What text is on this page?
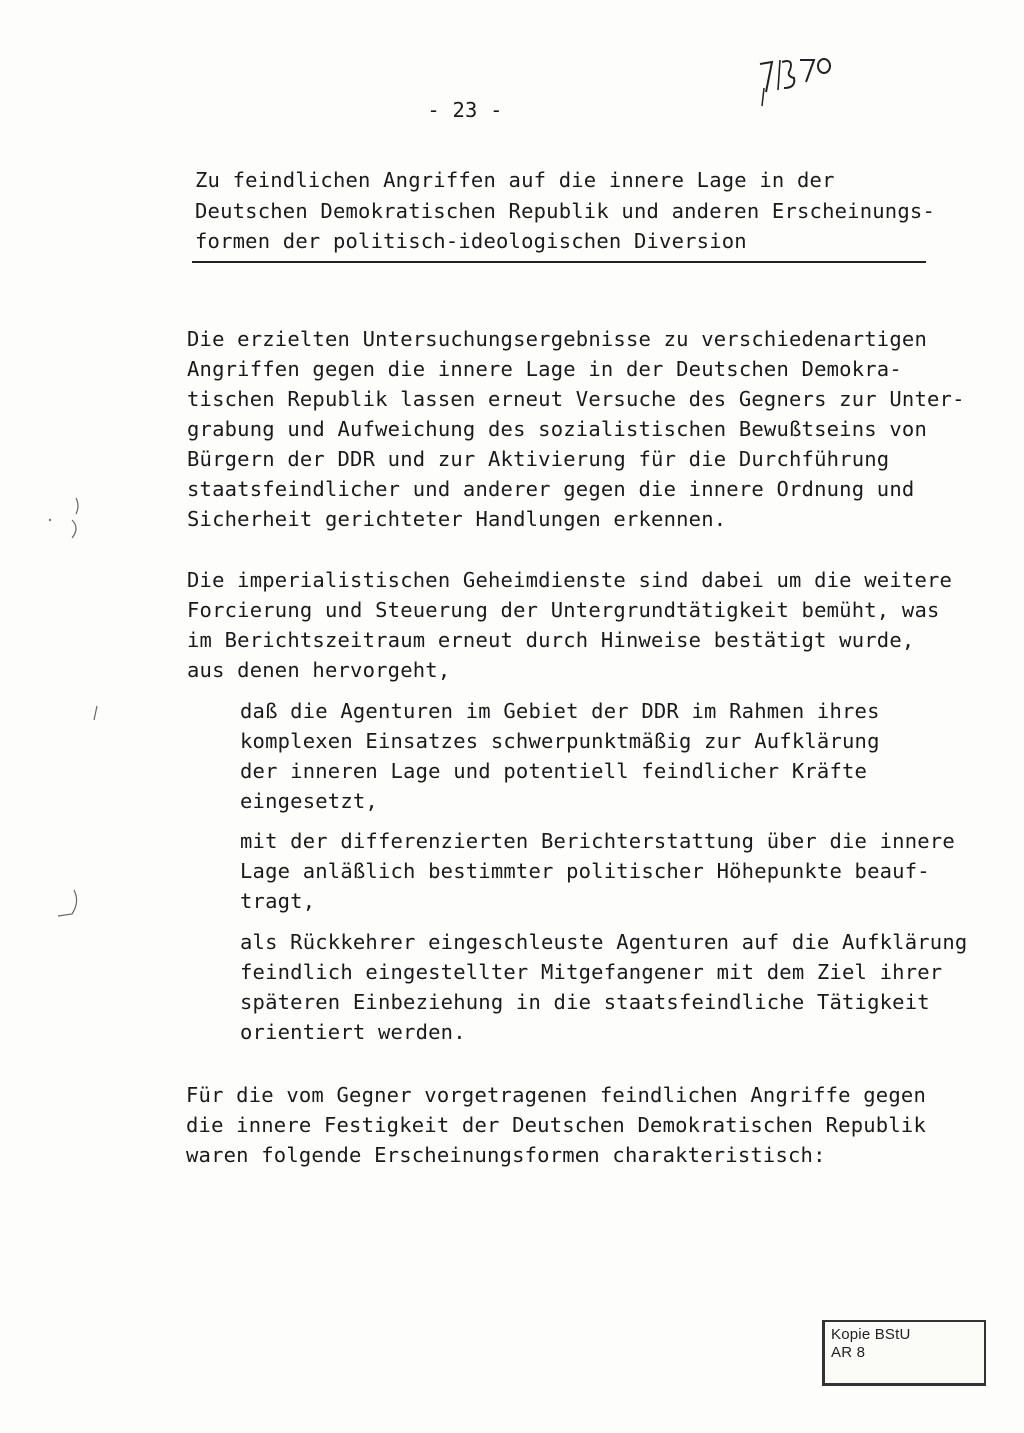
- 23 -
Zu feindlichen Angriffen auf die innere Lage in der
Deutschen Demokratischen Republik und anderen Erscheinungs-
formen der politisch-ideologischen Diversion
Die erzielten Untersuchungsergebnisse zu verschiedenartigen
Angriffen gegen die innere Lage in der Deutschen Demokra-
tischen Republik lassen erneut Versuche des Gegners zur Unter-
grabung und Aufweichung des sozialistischen Bewußtseins von
Bürgern der DDR und zur Aktivierung für die Durchführung
staatsfeindlicher und anderer gegen die innere Ordnung und
Sicherheit gerichteter Handlungen erkennen.
Die imperialistischen Geheimdienste sind dabei um die weitere
Forcierung und Steuerung der Untergrundtätigkeit bemüht, was
im Berichtszeitraum erneut durch Hinweise bestätigt wurde,
aus denen hervorgeht,
daß die Agenturen im Gebiet der DDR im Rahmen ihres
komplexen Einsatzes schwerpunktmäßig zur Aufklärung
der inneren Lage und potentiell feindlicher Kräfte
eingesetzt,
mit der differenzierten Berichterstattung über die innere
Lage anläßlich bestimmter politischer Höhepunkte beauf-
tragt,
als Rückkehrer eingeschleuste Agenturen auf die Aufklärung
feindlich eingestellter Mitgefangener mit dem Ziel ihrer
späteren Einbeziehung in die staatsfeindliche Tätigkeit
orientiert werden.
Für die vom Gegner vorgetragenen feindlichen Angriffe gegen
die innere Festigkeit der Deutschen Demokratischen Republik
waren folgende Erscheinungsformen charakteristisch:
Kopie BStU
AR 8
